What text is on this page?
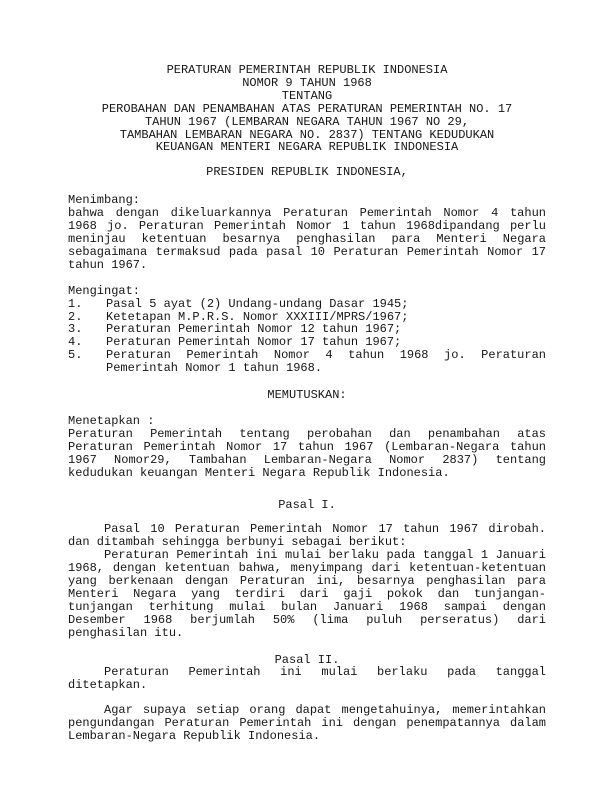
PERATURAN PEMERINTAH REPUBLIK INDONESIA
NOMOR 9 TAHUN 1968
TENTANG
PEROBAHAN DAN PENAMBAHAN ATAS PERATURAN PEMERINTAH NO. 17
TAHUN 1967 (LEMBARAN NEGARA TAHUN 1967 NO 29,
TAMBAHAN LEMBARAN NEGARA NO. 2837) TENTANG KEDUDUKAN
KEUANGAN MENTERI NEGARA REPUBLIK INDONESIA
PRESIDEN REPUBLIK INDONESIA,
Menimbang:
bahwa dengan dikeluarkannya Peraturan Pemerintah Nomor 4 tahun 1968 jo. Peraturan Pemerintah Nomor 1 tahun 1968dipandang perlu meninjau ketentuan besarnya penghasilan para Menteri Negara sebagaimana termaksud pada pasal 10 Peraturan Pemerintah Nomor 17 tahun 1967.
Mengingat:
1. Pasal 5 ayat (2) Undang-undang Dasar 1945;
2. Ketetapan M.P.R.S. Nomor XXXIII/MPRS/1967;
3. Peraturan Pemerintah Nomor 12 tahun 1967;
4. Peraturan Pemerintah Nomor 17 tahun 1967;
5. Peraturan Pemerintah Nomor 4 tahun 1968 jo. Peraturan Pemerintah Nomor 1 tahun 1968.
MEMUTUSKAN:
Menetapkan :
Peraturan Pemerintah tentang perobahan dan penambahan atas Peraturan Pemerintah Nomor 17 tahun 1967 (Lembaran-Negara tahun 1967 Nomor29, Tambahan Lembaran-Negara Nomor 2837) tentang kedudukan keuangan Menteri Negara Republik Indonesia.
Pasal I.
Pasal 10 Peraturan Pemerintah Nomor 17 tahun 1967 dirobah. dan ditambah sehingga berbunyi sebagai berikut:
Peraturan Pemerintah ini mulai berlaku pada tanggal 1 Januari 1968, dengan ketentuan bahwa, menyimpang dari ketentuan-ketentuan yang berkenaan dengan Peraturan ini, besarnya penghasilan para Menteri Negara yang terdiri dari gaji pokok dan tunjangan-tunjangan terhitung mulai bulan Januari 1968 sampai dengan Desember 1968 berjumlah 50% (lima puluh perseratus) dari penghasilan itu.
Pasal II.
Peraturan Pemerintah ini mulai berlaku pada tanggal ditetapkan.
Agar supaya setiap orang dapat mengetahuinya, memerintahkan pengundangan Peraturan Pemerintah ini dengan penempatannya dalam Lembaran-Negara Republik Indonesia.
